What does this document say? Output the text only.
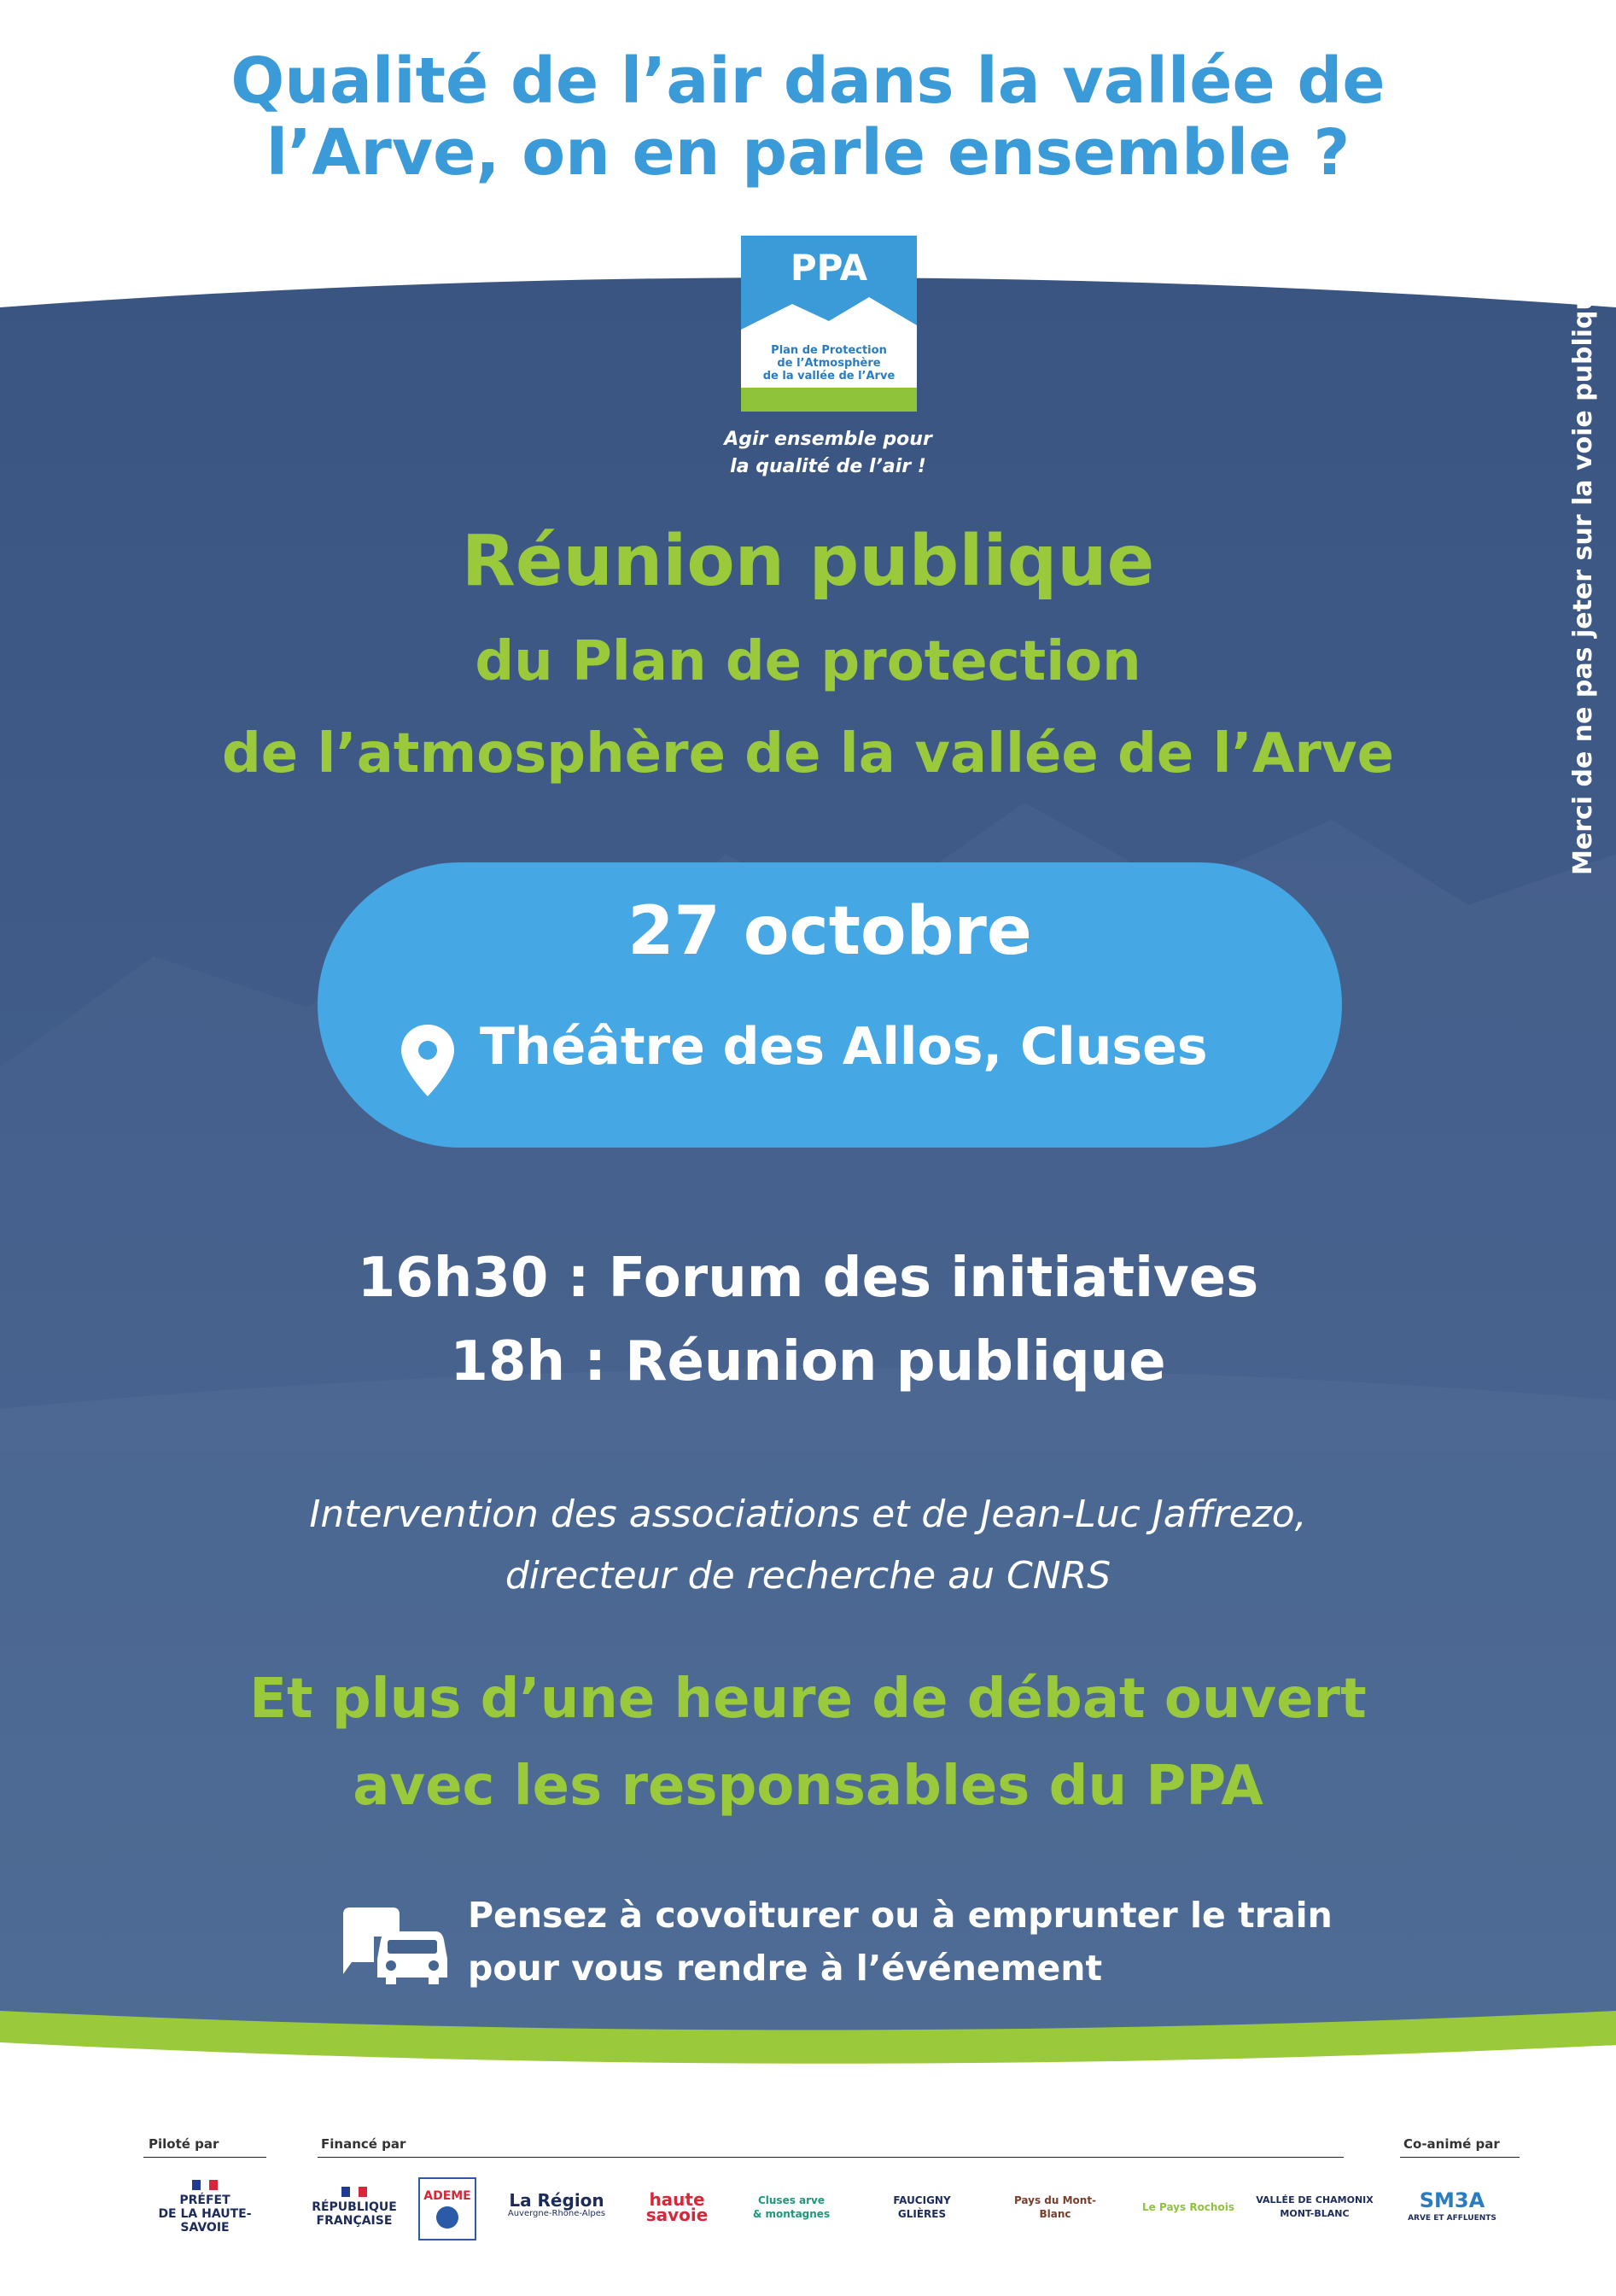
Qualité de l’air dans la vallée de
l’Arve, on en parle ensemble ?
PPA
Plan de Protection
de l’Atmosphère
de la vallée de l’Arve
Agir ensemble pour
la qualité de l’air !
Réunion publique
du Plan de protection
de l’atmosphère de la vallée de l’Arve
27 octobre
Théâtre des Allos, Cluses
16h30 : Forum des initiatives
18h : Réunion publique
Intervention des associations et de Jean-Luc Jaffrezo,
directeur de recherche au CNRS
Et plus d’une heure de débat ouvert
avec les responsables du PPA
Pensez à covoiturer ou à emprunter le train
pour vous rendre à l’événement
Merci de ne pas jeter sur la voie publique
Piloté par	Financé par	Co-animé par
PRÉFET
DE LA HAUTE-SAVOIE
RÉPUBLIQUE
FRANÇAISE
ADEME La Région
Auvergne-Rhône-Alpes
haute
savoie
Cluses arve
& montagnes
FAUCIGNY GLIÈRES
Pays du Mont-Blanc
Le Pays Rochois
VALLÉE DE CHAMONIX
MONT-BLANC
SM3A
ARVE ET AFFLUENTS
